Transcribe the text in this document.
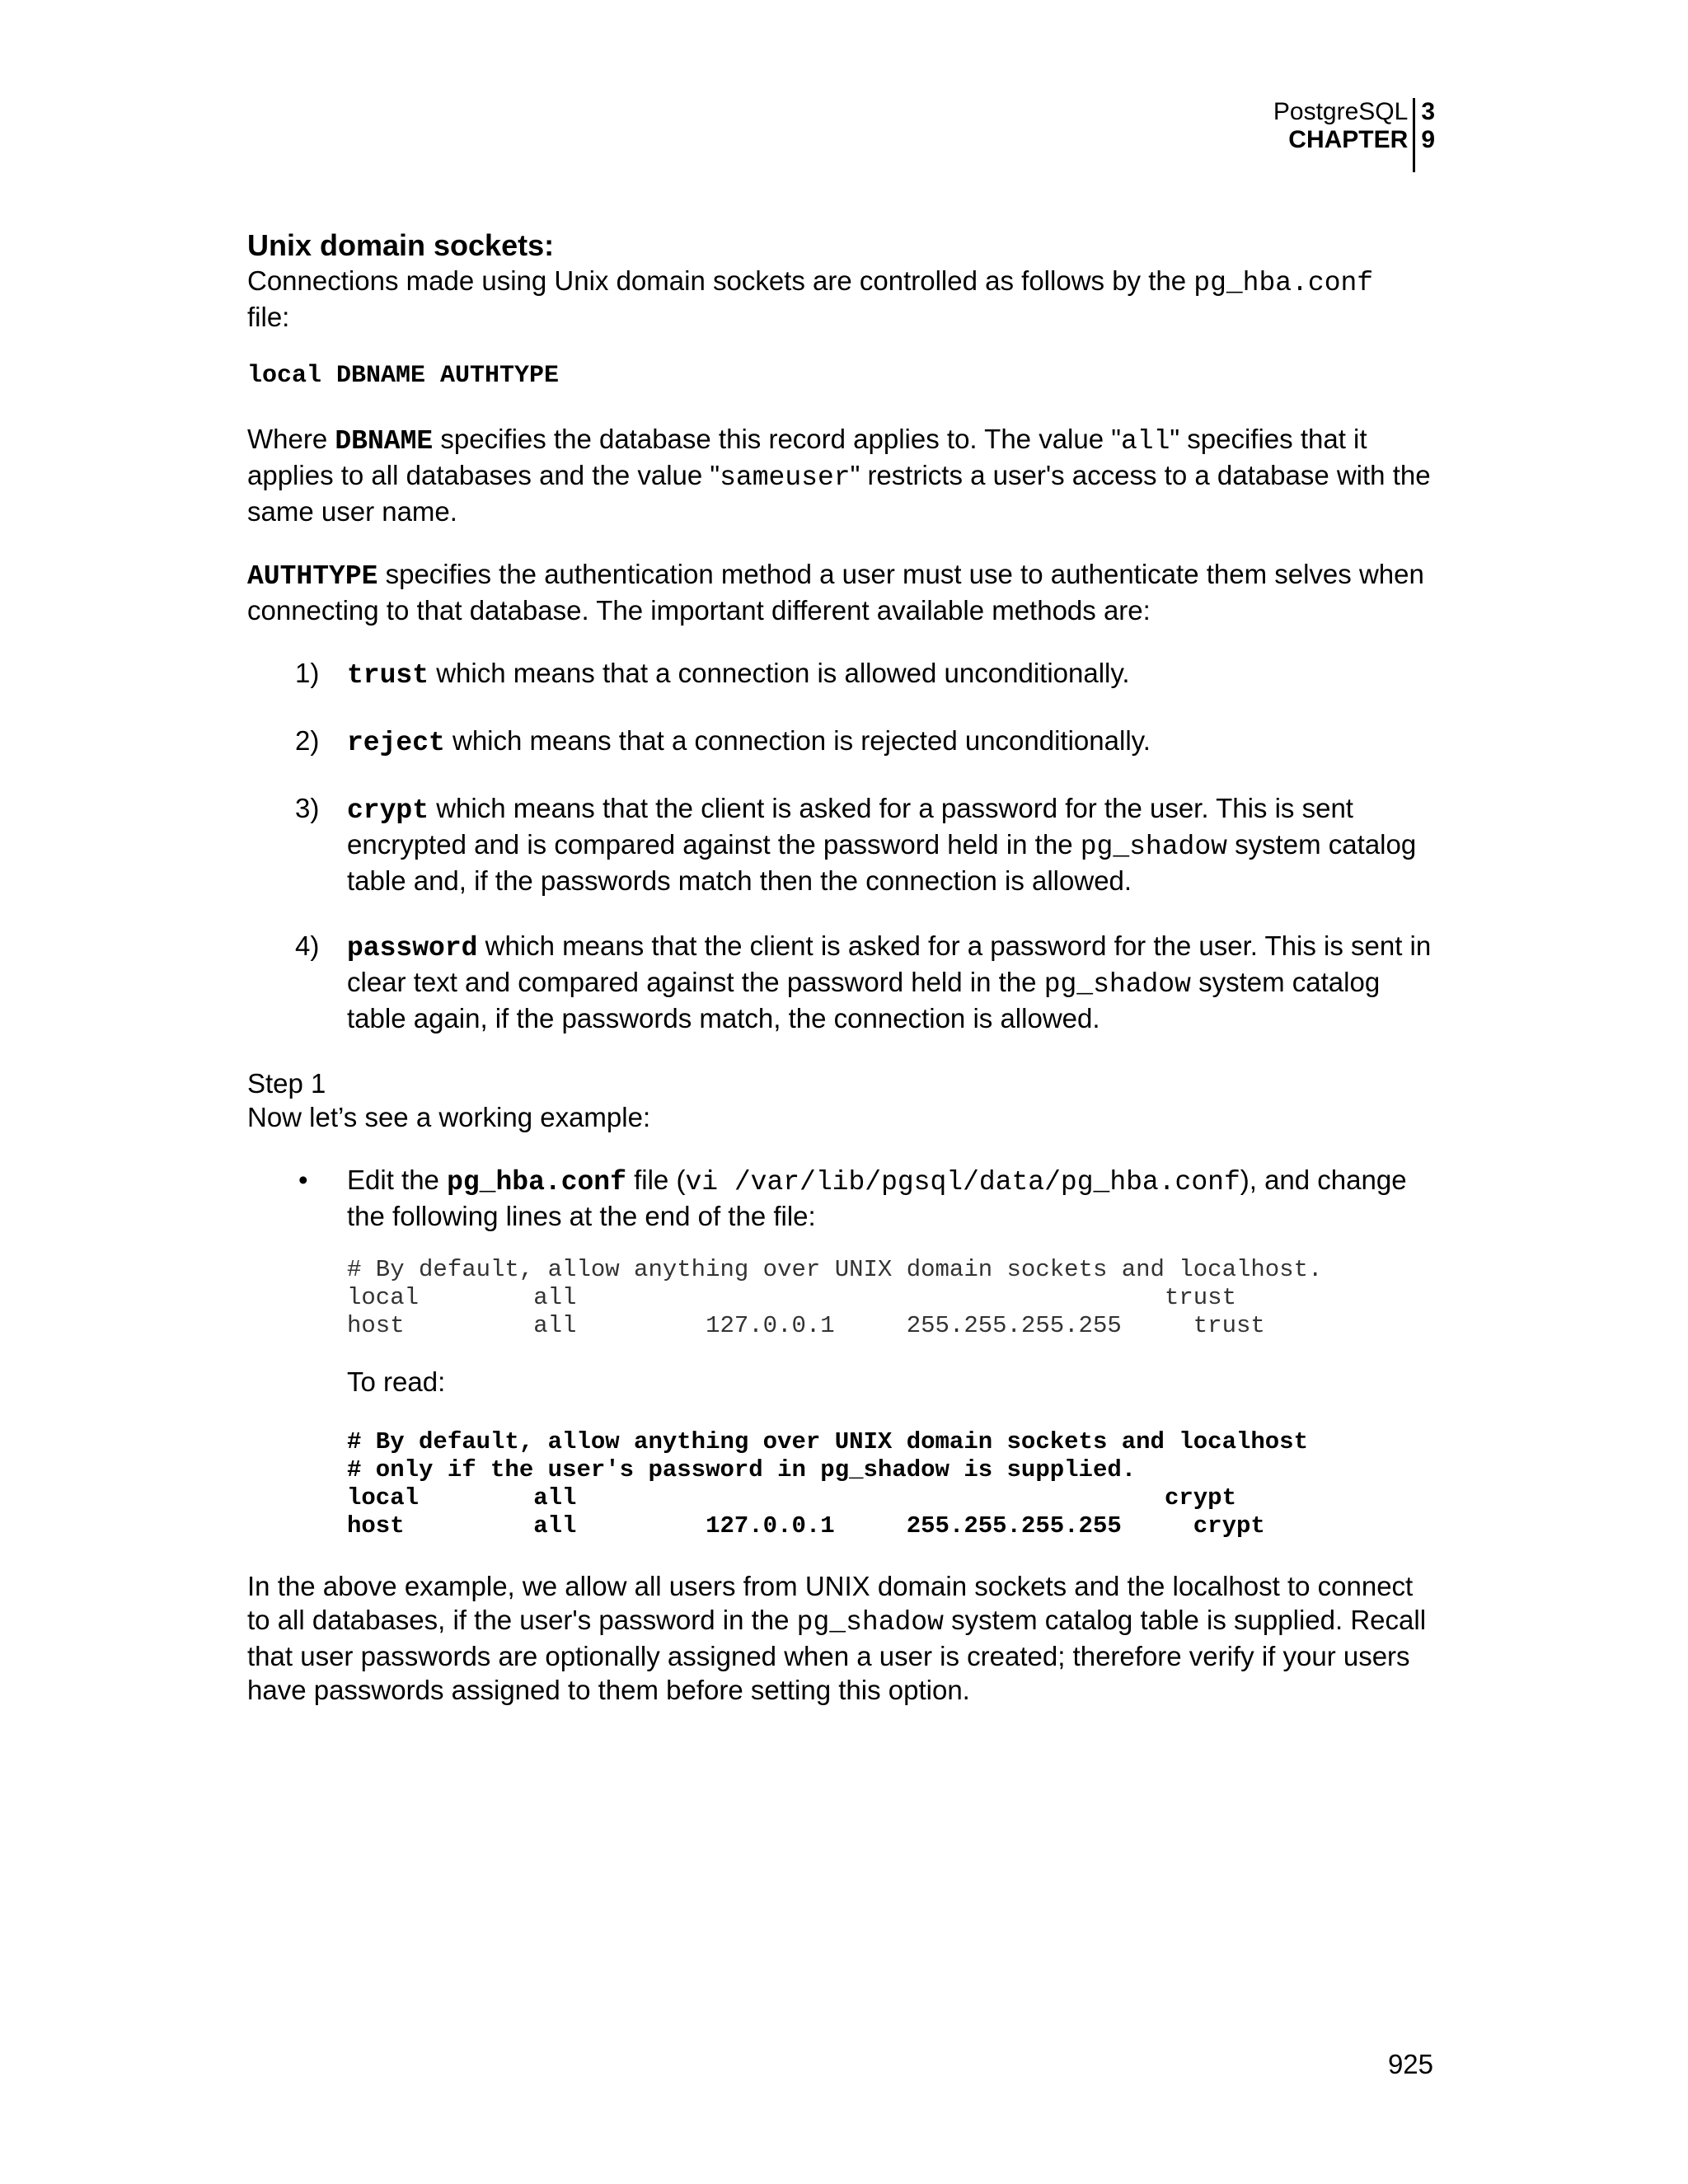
PostgreSQL
CHAPTER
3
9
Unix domain sockets:

Connections made using Unix domain sockets are controlled as follows by the pg_hba.conf
file:

local DBNAME AUTHTYPE

Where DBNAME specifies the database this record applies to. The value "all" specifies that it applies to all databases and the value "sameuser" restricts a user's access to a database with the same user name.

AUTHTYPE specifies the authentication method a user must use to authenticate them selves when connecting to that database. The important different available methods are:

1) trust which means that a connection is allowed unconditionally.
2) reject which means that a connection is rejected unconditionally.
3) crypt which means that the client is asked for a password for the user. This is sent encrypted and is compared against the password held in the pg_shadow system catalog table and, if the passwords match then the connection is allowed.
4) password which means that the client is asked for a password for the user. This is sent in clear text and compared against the password held in the pg_shadow system catalog table again, if the passwords match, the connection is allowed.

Step 1

Now let’s see a working example:

• Edit the pg_hba.conf file (vi /var/lib/pgsql/data/pg_hba.conf), and change the following lines at the end of the file:
# By default, allow anything over UNIX domain sockets and localhost.
local        all                                         trust
host         all         127.0.0.1     255.255.255.255     trust

To read:

# By default, allow anything over UNIX domain sockets and localhost
# only if the user's password in pg_shadow is supplied.
local        all                                         crypt
host         all         127.0.0.1     255.255.255.255     crypt

In the above example, we allow all users from UNIX domain sockets and the localhost to connect to all databases, if the user's password in the pg_shadow system catalog table is supplied. Recall that user passwords are optionally assigned when a user is created; therefore verify if your users have passwords assigned to them before setting this option.

925
